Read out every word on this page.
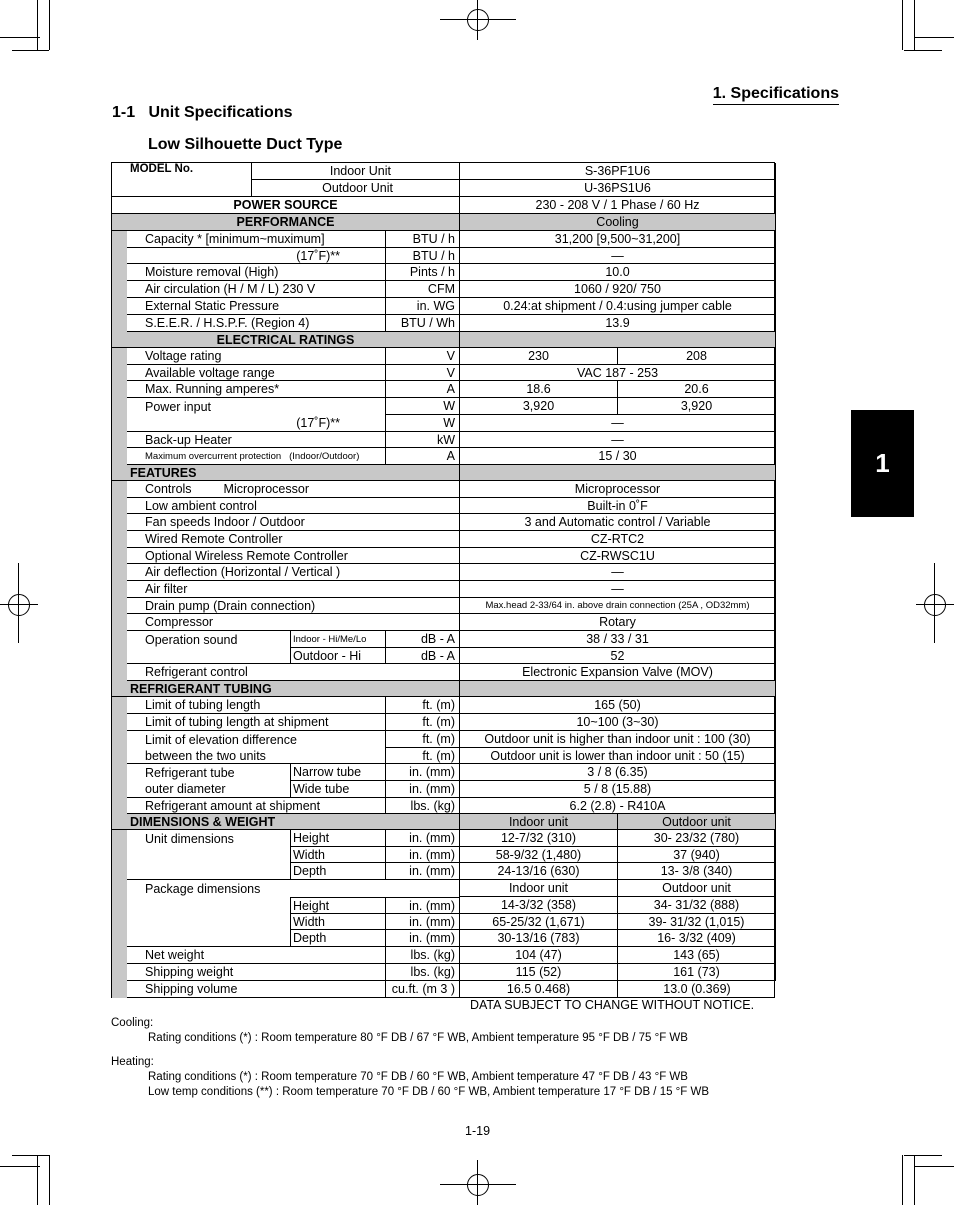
1. Specifications
1-1   Unit Specifications
Low Silhouette Duct Type
1
MODEL No.	Indoor Unit	S-36PF1U6
Outdoor Unit	U-36PS1U6
POWER SOURCE	230 - 208 V / 1 Phase / 60 Hz
PERFORMANCE	Cooling
Capacity * [minimum~muximum]	BTU / h	31,200 [9,500~31,200]
(17˚F)**	BTU / h	—
Moisture removal (High)	Pints / h	10.0
Air circulation (H / M / L) 230 V	CFM	1060 / 920/ 750
External Static Pressure	in. WG	0.24:at shipment / 0.4:using jumper cable
S.E.E.R. / H.S.P.F. (Region 4)	BTU / Wh	13.9
ELECTRICAL RATINGS
Voltage rating	V	230	208
Available voltage range	V	VAC 187 - 253
Max. Running amperes*	A	18.6	20.6
Power input	W	3,920	3,920
(17˚F)**	W	—
Back-up Heater	kW	—
Maximum overcurrent protection   (Indoor/Outdoor)	A	15 / 30
FEATURES
Controls	Microprocessor	Microprocessor
Low ambient control	Built-in 0˚F
Fan speeds Indoor / Outdoor	3 and Automatic control / Variable
Wired Remote Controller	CZ-RTC2
Optional Wireless Remote Controller	CZ-RWSC1U
Air deflection (Horizontal / Vertical )	—
Air filter	—
Drain pump (Drain connection)	Max.head 2-33/64 in. above drain connection (25A , OD32mm)
Compressor	Rotary
Operation sound	Indoor - Hi/Me/Lo	dB - A	38 / 33 / 31
Outdoor - Hi	dB - A	52
Refrigerant control	Electronic Expansion Valve (MOV)
REFRIGERANT TUBING
Limit of tubing length	ft. (m)	165 (50)
Limit of tubing length at shipment	ft. (m)	10~100 (3~30)
Limit of elevation difference	ft. (m)	Outdoor unit is higher than indoor unit : 100 (30)
between the two units	ft. (m)	Outdoor unit is lower than indoor unit : 50 (15)
Refrigerant tube	Narrow tube	in. (mm)	3 / 8 (6.35)
outer diameter	Wide tube	in. (mm)	5 / 8 (15.88)
Refrigerant amount at shipment	lbs. (kg)	6.2 (2.8) - R410A
DIMENSIONS & WEIGHT	Indoor unit	Outdoor unit
Unit dimensions	Height	in. (mm)	12-7/32 (310)	30- 23/32 (780)
Width	in. (mm)	58-9/32 (1,480)	37 (940)
Depth	in. (mm)	24-13/16 (630)	13- 3/8 (340)
Package dimensions	Indoor unit	Outdoor unit
Height	in. (mm)	14-3/32 (358)	34- 31/32 (888)
Width	in. (mm)	65-25/32 (1,671)	39- 31/32 (1,015)
Depth	in. (mm)	30-13/16 (783)	16- 3/32 (409)
Net weight	lbs. (kg)	104 (47)	143 (65)
Shipping weight	lbs. (kg)	115 (52)	161 (73)
Shipping volume	cu.ft. (m 3 )	16.5 0.468)	13.0 (0.369)
DATA SUBJECT TO CHANGE WITHOUT NOTICE.
Cooling:
Rating conditions (*) : Room temperature 80 °F DB / 67 °F WB, Ambient temperature 95 °F DB / 75 °F WB
Heating:
Rating conditions (*) : Room temperature 70 °F DB / 60 °F WB, Ambient temperature 47 °F DB / 43 °F WB
Low temp conditions (**) : Room temperature 70 °F DB / 60 °F WB, Ambient temperature 17 °F DB / 15 °F WB
1-19
